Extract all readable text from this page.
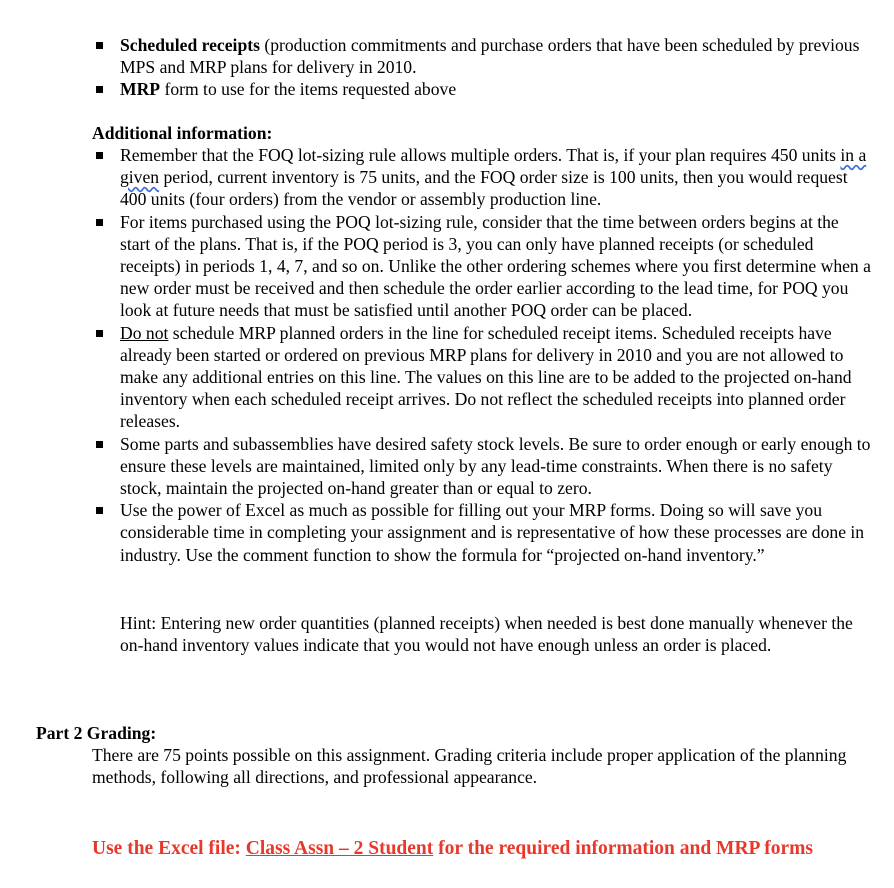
Scheduled receipts (production commitments and purchase orders that have been scheduled by previous MPS and MRP plans for delivery in 2010.
MRP form to use for the items requested above
Additional information:
Remember that the FOQ lot-sizing rule allows multiple orders. That is, if your plan requires 450 units in a given period, current inventory is 75 units, and the FOQ order size is 100 units, then you would request 400 units (four orders) from the vendor or assembly production line.
For items purchased using the POQ lot-sizing rule, consider that the time between orders begins at the start of the plans. That is, if the POQ period is 3, you can only have planned receipts (or scheduled receipts) in periods 1, 4, 7, and so on. Unlike the other ordering schemes where you first determine when a new order must be received and then schedule the order earlier according to the lead time, for POQ you look at future needs that must be satisfied until another POQ order can be placed.
Do not schedule MRP planned orders in the line for scheduled receipt items. Scheduled receipts have already been started or ordered on previous MRP plans for delivery in 2010 and you are not allowed to make any additional entries on this line. The values on this line are to be added to the projected on-hand inventory when each scheduled receipt arrives. Do not reflect the scheduled receipts into planned order releases.
Some parts and subassemblies have desired safety stock levels. Be sure to order enough or early enough to ensure these levels are maintained, limited only by any lead-time constraints. When there is no safety stock, maintain the projected on-hand greater than or equal to zero.
Use the power of Excel as much as possible for filling out your MRP forms. Doing so will save you considerable time in completing your assignment and is representative of how these processes are done in industry. Use the comment function to show the formula for “projected on-hand inventory.”
Hint: Entering new order quantities (planned receipts) when needed is best done manually whenever the on-hand inventory values indicate that you would not have enough unless an order is placed.
Part 2 Grading:
There are 75 points possible on this assignment. Grading criteria include proper application of the planning methods, following all directions, and professional appearance.
Use the Excel file: Class Assn – 2 Student for the required information and MRP forms
